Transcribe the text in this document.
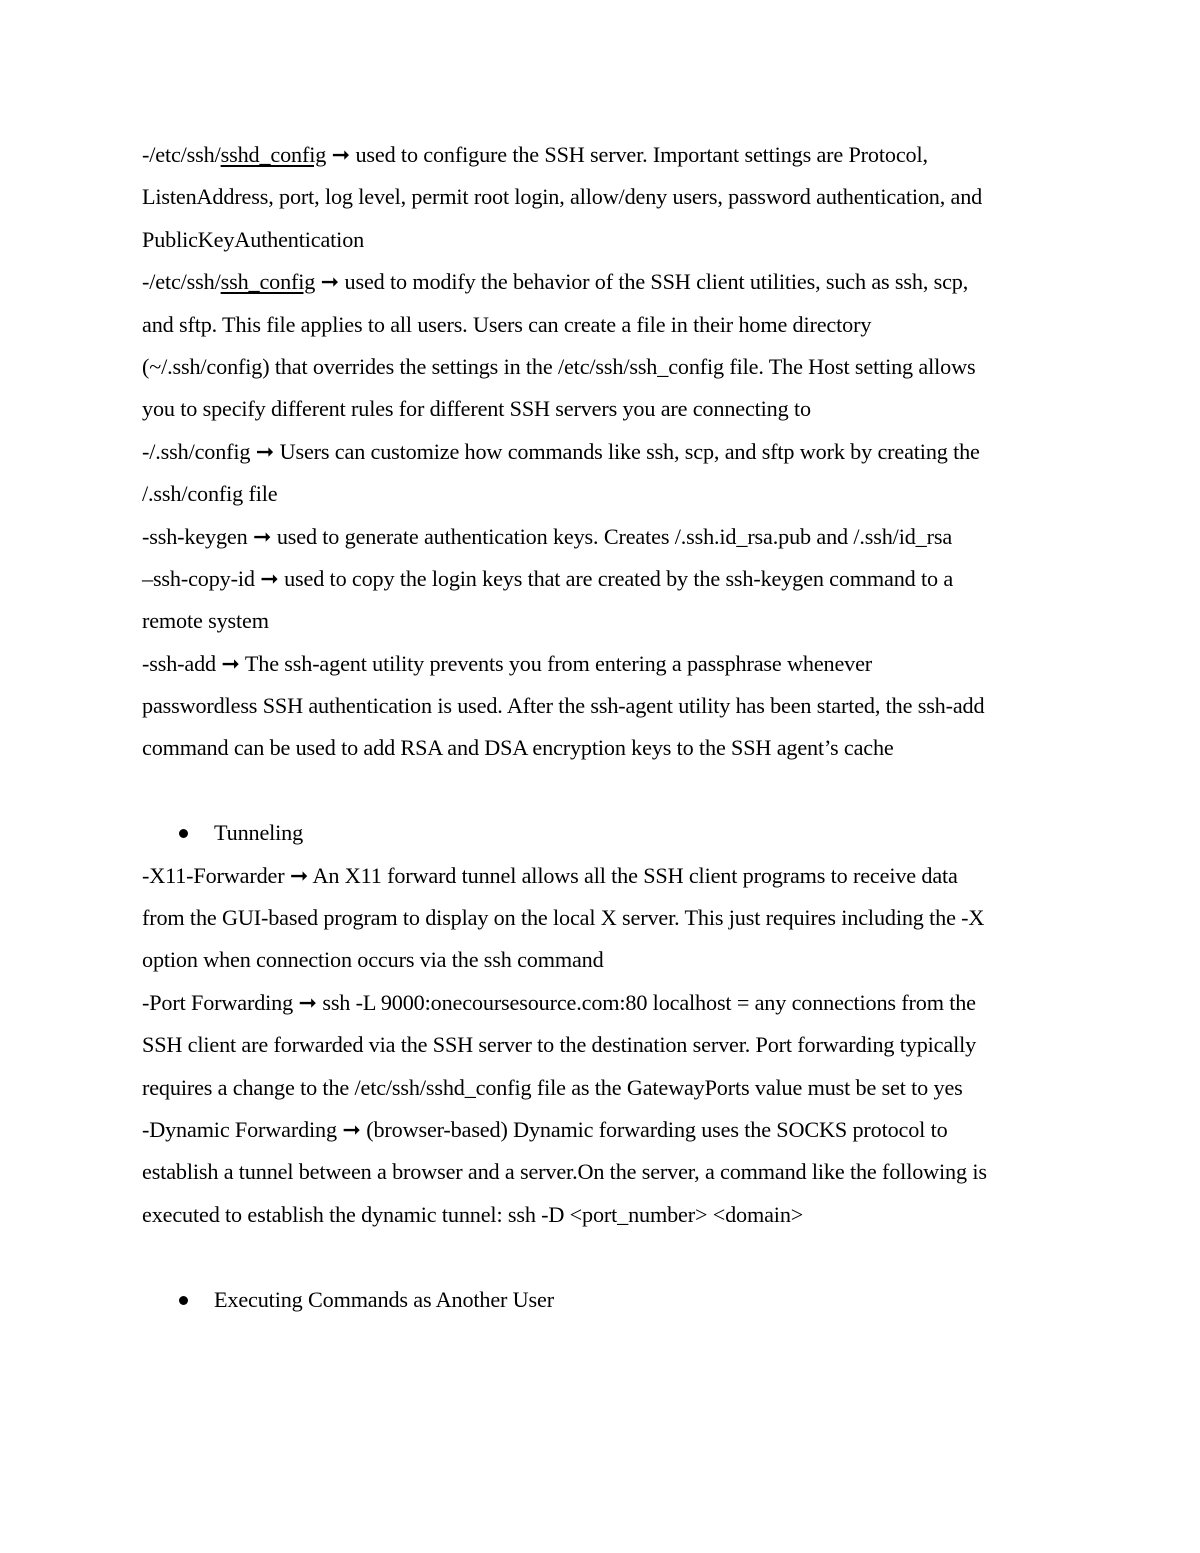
-/etc/ssh/sshd_config ➞ used to configure the SSH server. Important settings are Protocol,
ListenAddress, port, log level, permit root login, allow/deny users, password authentication, and
PublicKeyAuthentication
-/etc/ssh/ssh_config ➞ used to modify the behavior of the SSH client utilities, such as ssh, scp,
and sftp. This file applies to all users. Users can create a file in their home directory
(~/.ssh/config) that overrides the settings in the /etc/ssh/ssh_config file. The Host setting allows
you to specify different rules for different SSH servers you are connecting to
-/.ssh/config ➞ Users can customize how commands like ssh, scp, and sftp work by creating the
/.ssh/config file
-ssh-keygen ➞ used to generate authentication keys. Creates /.ssh.id_rsa.pub and /.ssh/id_rsa
–ssh-copy-id ➞ used to copy the login keys that are created by the ssh-keygen command to a
remote system
-ssh-add ➞ The ssh-agent utility prevents you from entering a passphrase whenever
passwordless SSH authentication is used. After the ssh-agent utility has been started, the ssh-add
command can be used to add RSA and DSA encryption keys to the SSH agent’s cache
Tunneling
-X11-Forwarder ➞ An X11 forward tunnel allows all the SSH client programs to receive data
from the GUI-based program to display on the local X server. This just requires including the -X
option when connection occurs via the ssh command
-Port Forwarding ➞ ssh -L 9000:onecoursesource.com:80 localhost = any connections from the
SSH client are forwarded via the SSH server to the destination server. Port forwarding typically
requires a change to the /etc/ssh/sshd_config file as the GatewayPorts value must be set to yes
-Dynamic Forwarding ➞ (browser-based) Dynamic forwarding uses the SOCKS protocol to
establish a tunnel between a browser and a server.On the server, a command like the following is
executed to establish the dynamic tunnel: ssh -D <port_number> <domain>
Executing Commands as Another User
